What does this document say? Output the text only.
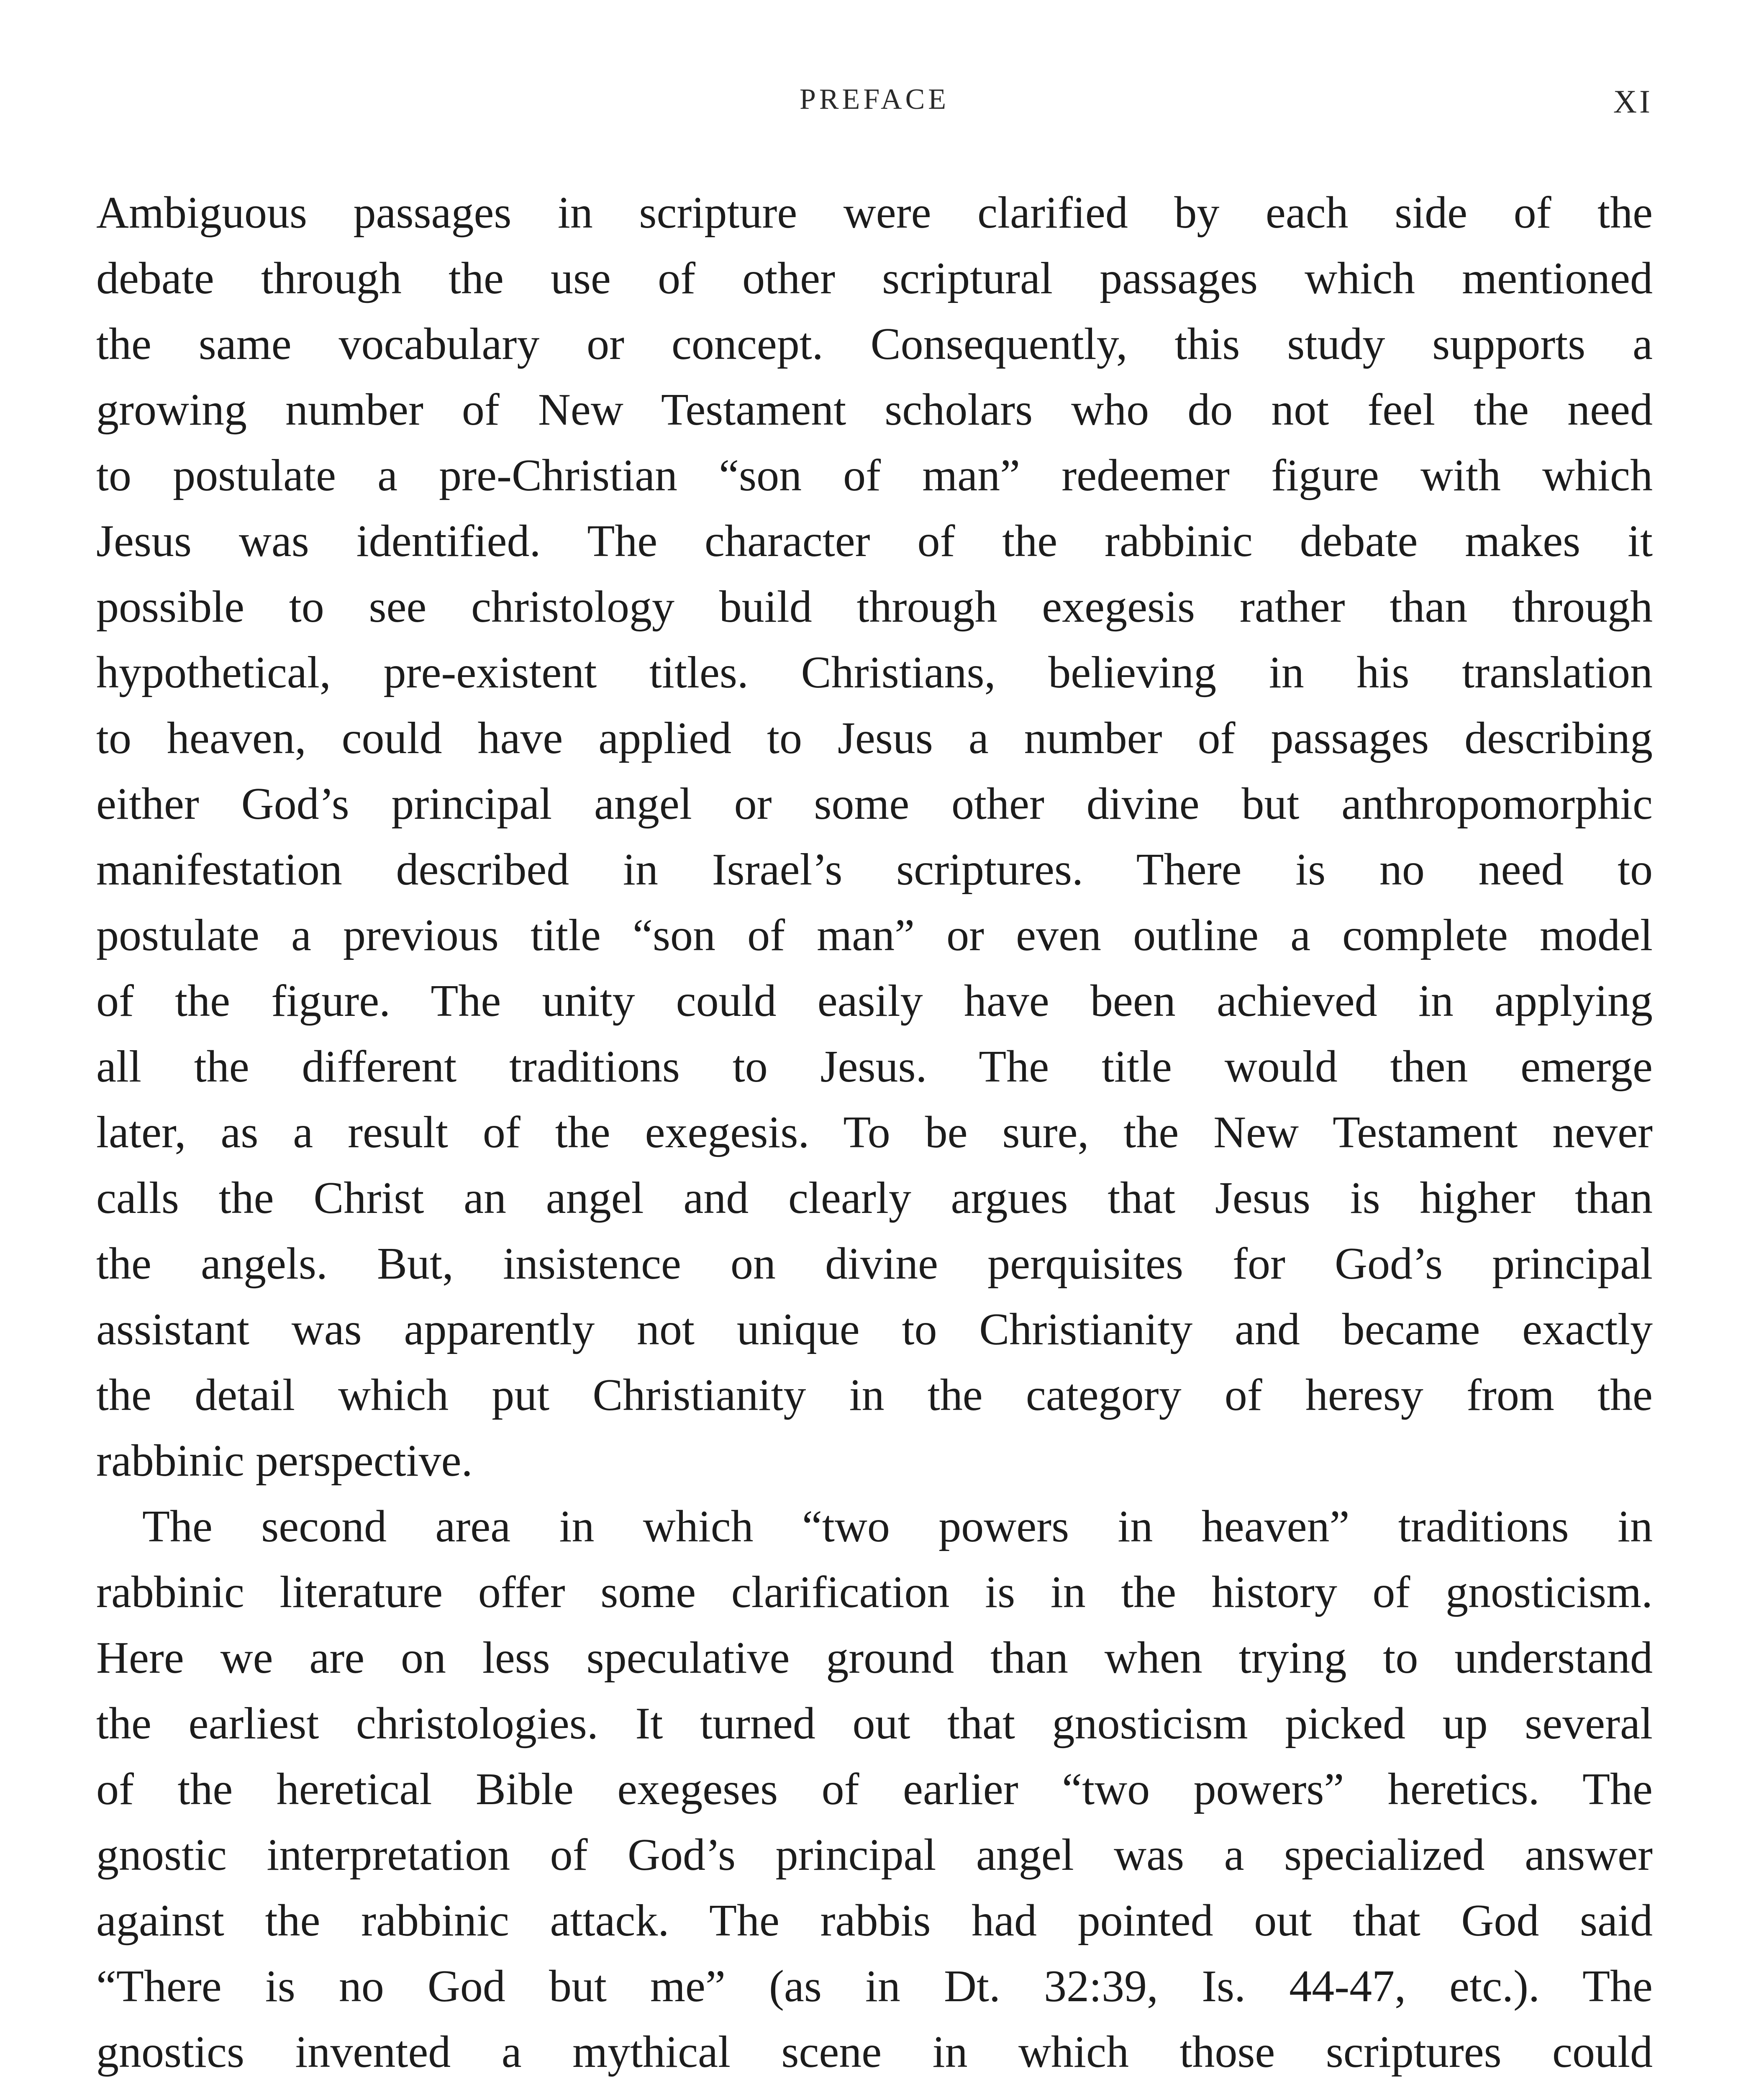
PREFACE	XI
Ambiguous passages in scripture were clarified by each side of the
debate through the use of other scriptural passages which mentioned
the same vocabulary or concept. Consequently, this study supports a
growing number of New Testament scholars who do not feel the need
to postulate a pre-Christian “son of man” redeemer figure with which
Jesus was identified. The character of the rabbinic debate makes it
possible to see christology build through exegesis rather than through
hypothetical, pre-existent titles. Christians, believing in his translation
to heaven, could have applied to Jesus a number of passages describing
either God’s principal angel or some other divine but anthropomorphic
manifestation described in Israel’s scriptures. There is no need to
postulate a previous title “son of man” or even outline a complete model
of the figure. The unity could easily have been achieved in applying
all the different traditions to Jesus. The title would then emerge
later, as a result of the exegesis. To be sure, the New Testament never
calls the Christ an angel and clearly argues that Jesus is higher than
the angels. But, insistence on divine perquisites for God’s principal
assistant was apparently not unique to Christianity and became exactly
the detail which put Christianity in the category of heresy from the
rabbinic perspective.
The second area in which “two powers in heaven” traditions in
rabbinic literature offer some clarification is in the history of gnosticism.
Here we are on less speculative ground than when trying to understand
the earliest christologies. It turned out that gnosticism picked up several
of the heretical Bible exegeses of earlier “two powers” heretics. The
gnostic interpretation of God’s principal angel was a specialized answer
against the rabbinic attack. The rabbis had pointed out that God said
“There is no God but me” (as in Dt. 32:39, Is. 44-47, etc.). The
gnostics invented a mythical scene in which those scriptures could
